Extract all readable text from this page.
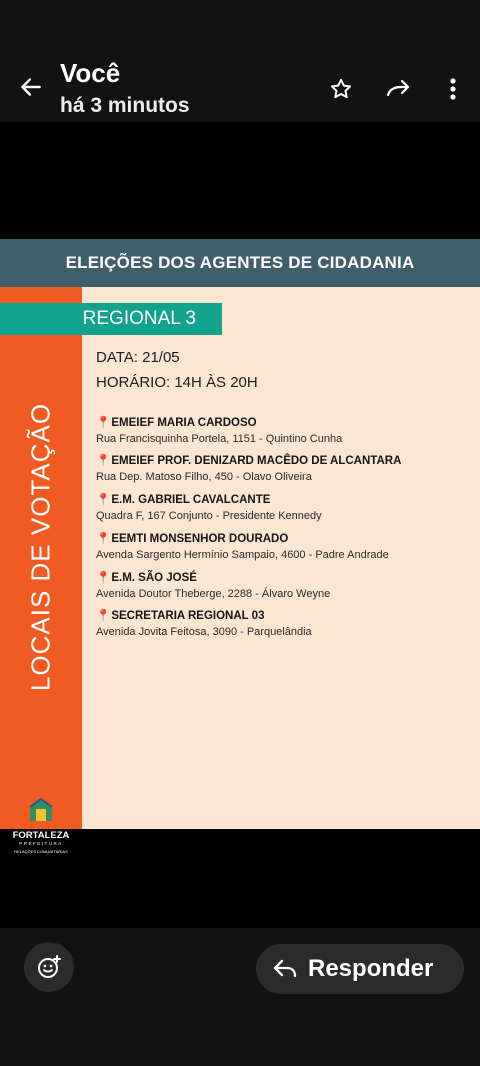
Você
há 3 minutos
ELEIÇÕES DOS AGENTES DE CIDADANIA
LOCAIS DE VOTAÇÃO
FORTALEZA
PREFEITURA
RELAÇÕES COMUNITÁRIAS
REGIONAL 3
DATA: 21/05
HORÁRIO: 14H ÀS 20H
📍EMEIEF MARIA CARDOSO
Rua Francisquinha Portela, 1151 - Quintino Cunha
📍EMEIEF PROF. DENIZARD MACÊDO DE ALCANTARA
Rua Dep. Matoso Filho, 450 - Olavo Oliveira
📍E.M. GABRIEL CAVALCANTE
Quadra F, 167 Conjunto - Presidente Kennedy
📍EEMTI MONSENHOR DOURADO
Avenda Sargento Hermínio Sampaio, 4600 - Padre Andrade
📍E.M. SÃO JOSÉ
Avenida Doutor Theberge, 2288 - Álvaro Weyne
📍SECRETARIA REGIONAL 03
Avenida Jovita Feitosa, 3090 - Parquelândia
Responder
